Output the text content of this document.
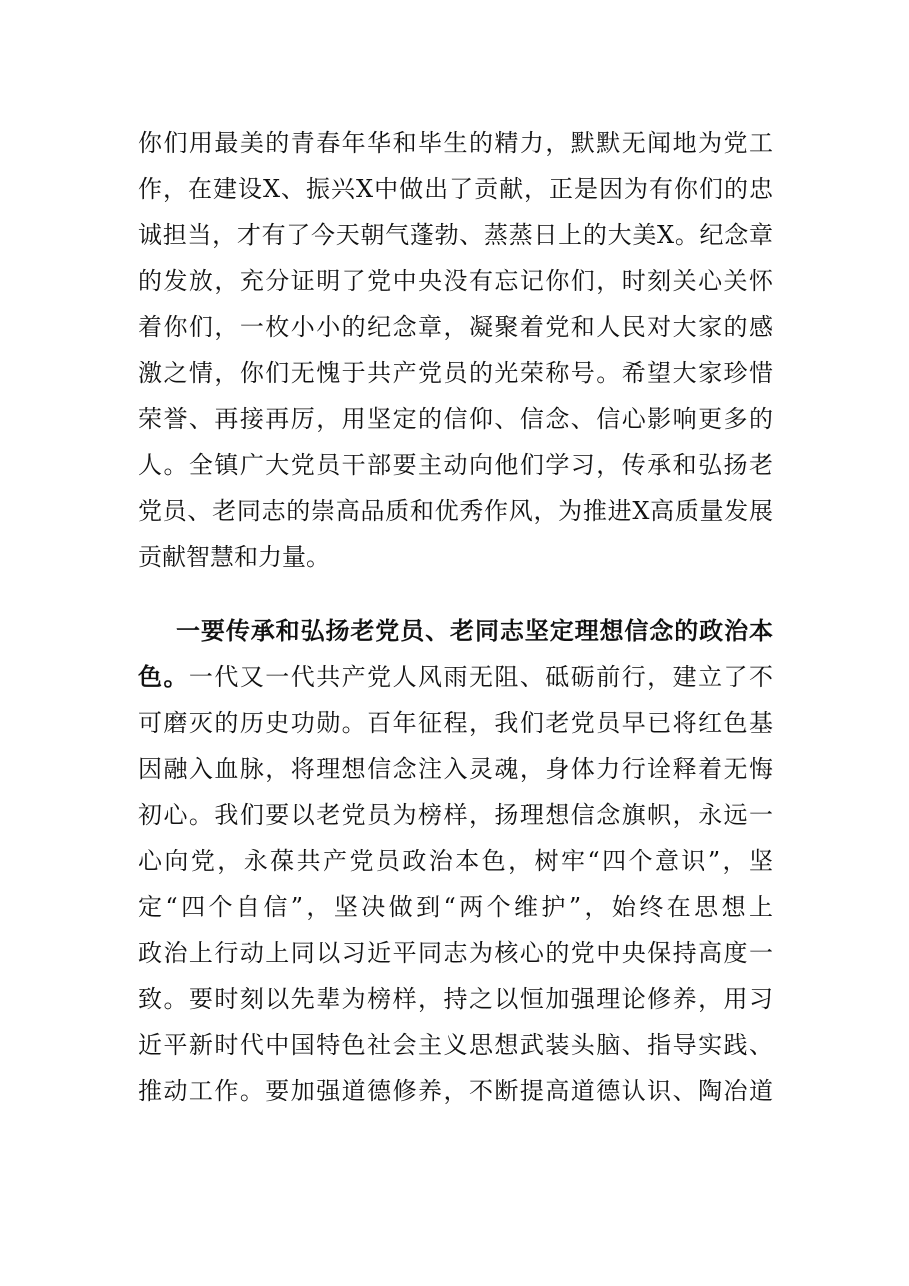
你们用最美的青春年华和毕生的精力，默默无闻地为党工
作，在建设X、振兴X中做出了贡献，正是因为有你们的忠
诚担当，才有了今天朝气蓬勃、蒸蒸日上的大美X。纪念章
的发放，充分证明了党中央没有忘记你们，时刻关心关怀
着你们，一枚小小的纪念章，凝聚着党和人民对大家的感
激之情，你们无愧于共产党员的光荣称号。希望大家珍惜
荣誉、再接再厉，用坚定的信仰、信念、信心影响更多的
人。全镇广大党员干部要主动向他们学习，传承和弘扬老
党员、老同志的崇高品质和优秀作风，为推进X高质量发展
贡献智慧和力量。
一要传承和弘扬老党员、老同志坚定理想信念的政治本
色。一代又一代共产党人风雨无阻、砥砺前行，建立了不
可磨灭的历史功勋。百年征程，我们老党员早已将红色基
因融入血脉，将理想信念注入灵魂，身体力行诠释着无悔
初心。我们要以老党员为榜样，扬理想信念旗帜，永远一
心向党，永葆共产党员政治本色，树牢“四个意识”，坚
定“四个自信”，坚决做到“两个维护”，始终在思想上
政治上行动上同以习近平同志为核心的党中央保持高度一
致。要时刻以先辈为榜样，持之以恒加强理论修养，用习
近平新时代中国特色社会主义思想武装头脑、指导实践、
推动工作。要加强道德修养，不断提高道德认识、陶冶道
